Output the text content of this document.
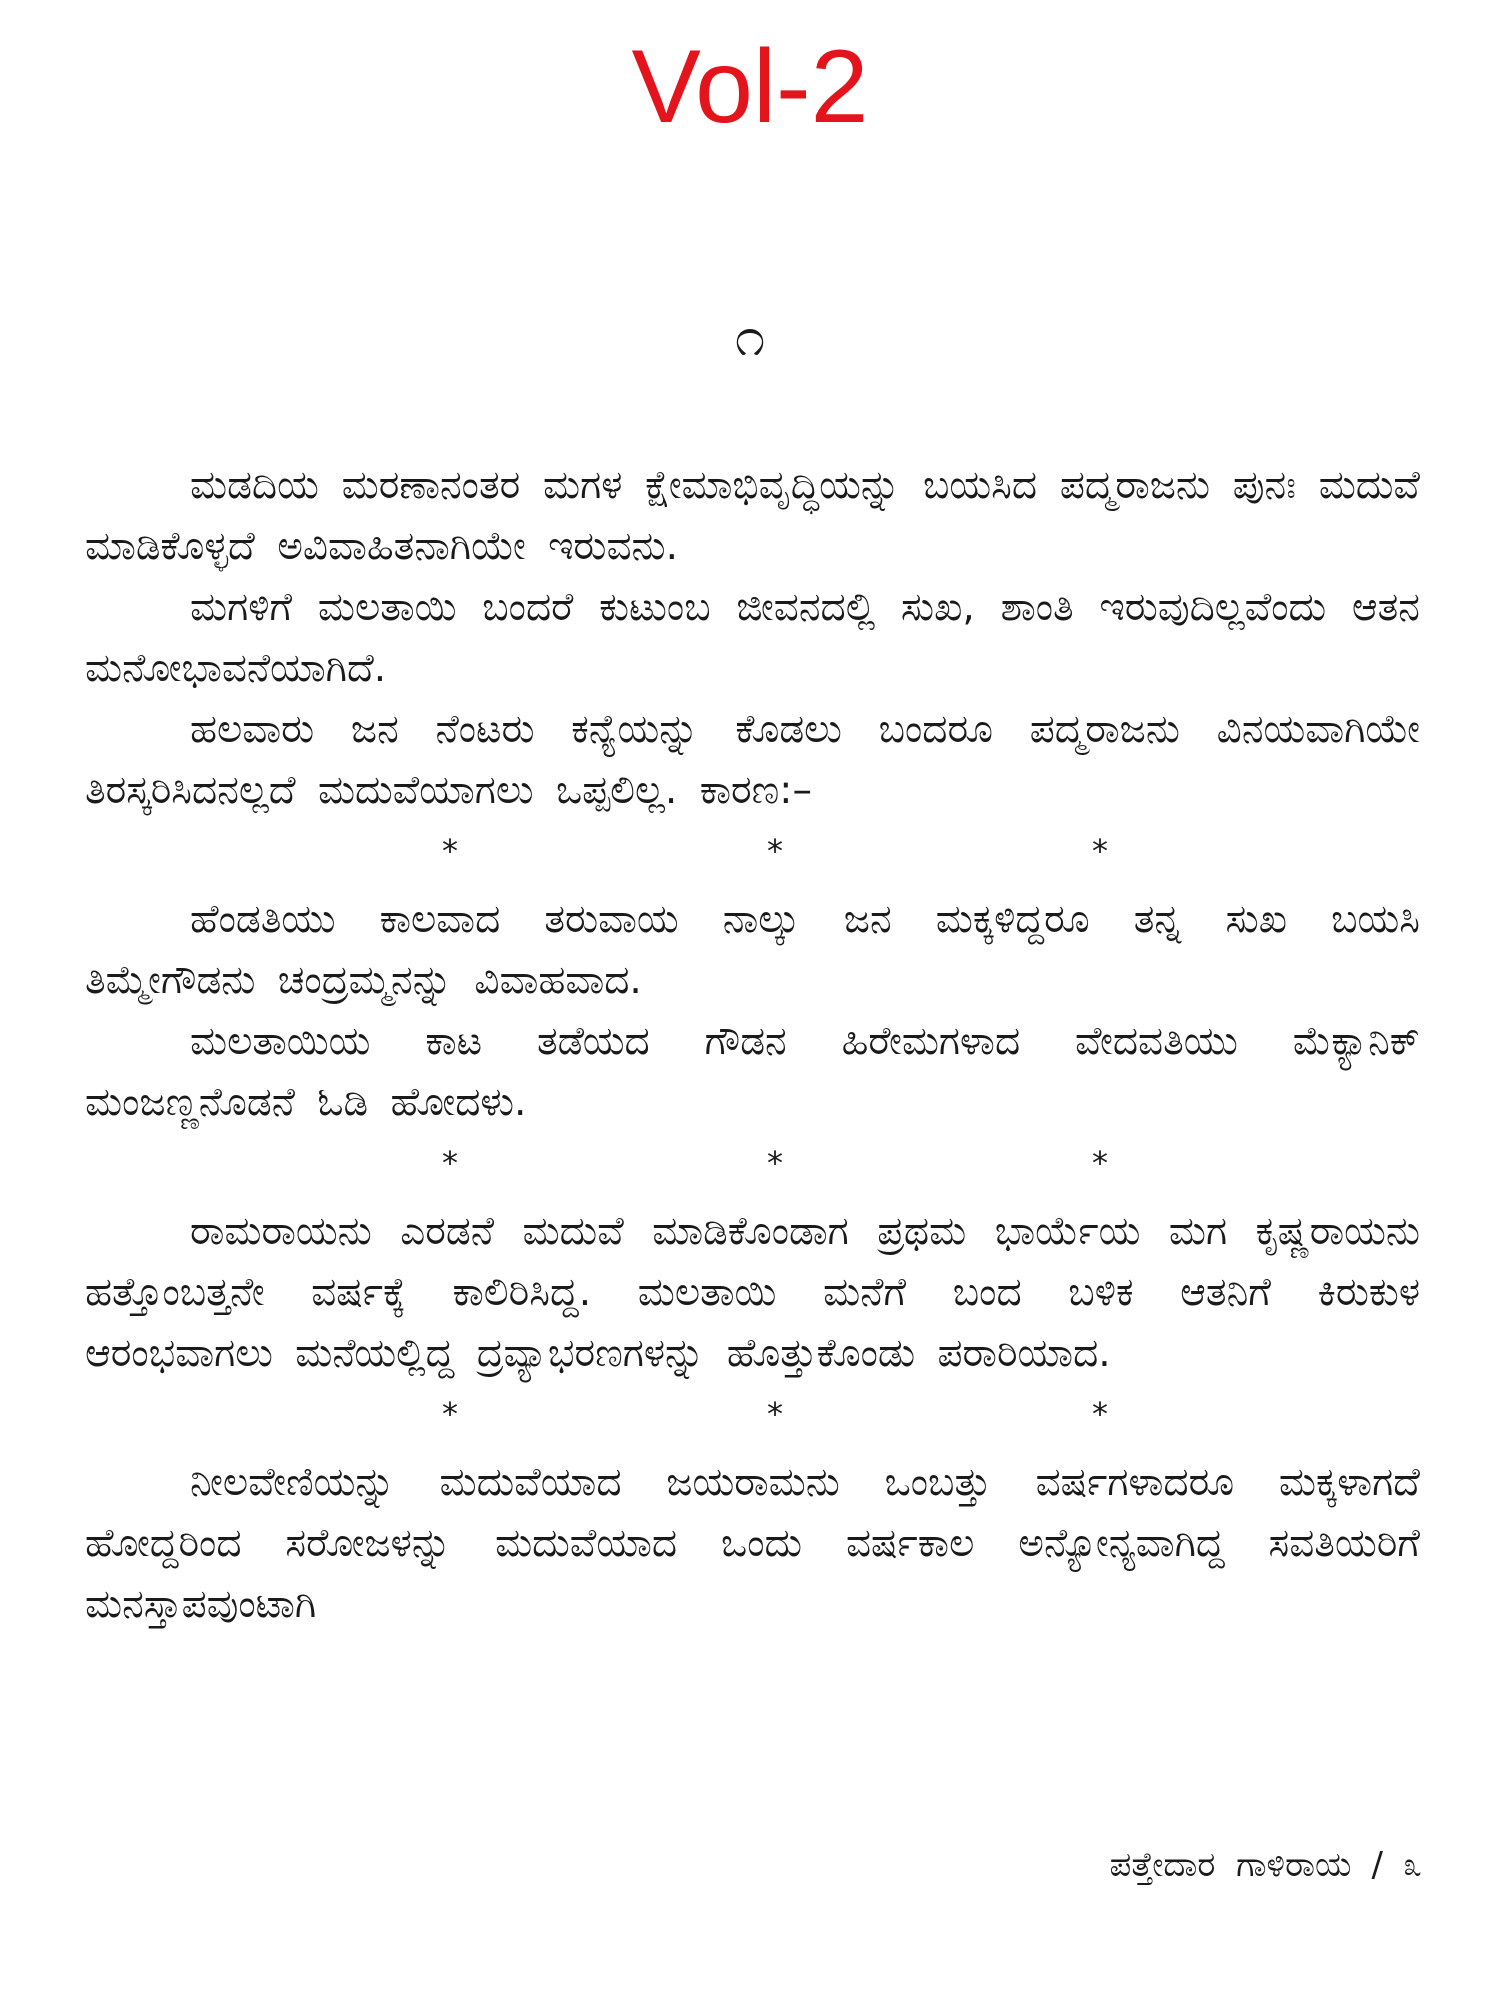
Vol-2
೧

ಮಡದಿಯ ಮರಣಾನಂತರ ಮಗಳ ಕ್ಷೇಮಾಭಿವೃದ್ಧಿಯನ್ನು ಬಯಸಿದ ಪದ್ಮರಾಜನು ಪುನಃ ಮದುವೆ ಮಾಡಿಕೊಳ್ಳದೆ ಅವಿವಾಹಿತನಾಗಿಯೇ ಇರುವನು.

ಮಗಳಿಗೆ ಮಲತಾಯಿ ಬಂದರೆ ಕುಟುಂಬ ಜೀವನದಲ್ಲಿ ಸುಖ, ಶಾಂತಿ ಇರುವುದಿಲ್ಲವೆಂದು ಆತನ ಮನೋಭಾವನೆಯಾಗಿದೆ.

ಹಲವಾರು ಜನ ನೆಂಟರು ಕನ್ಯೆಯನ್ನು ಕೊಡಲು ಬಂದರೂ ಪದ್ಮರಾಜನು ವಿನಯವಾಗಿಯೇ ತಿರಸ್ಕರಿಸಿದನಲ್ಲದೆ ಮದುವೆಯಾಗಲು ಒಪ್ಪಲಿಲ್ಲ. ಕಾರಣ:–

*	*	*

ಹೆಂಡತಿಯು ಕಾಲವಾದ ತರುವಾಯ ನಾಲ್ಕು ಜನ ಮಕ್ಕಳಿದ್ದರೂ ತನ್ನ ಸುಖ ಬಯಸಿ ತಿಮ್ಮೇಗೌಡನು ಚಂದ್ರಮ್ಮನನ್ನು ವಿವಾಹವಾದ.

ಮಲತಾಯಿಯ ಕಾಟ ತಡೆಯದ ಗೌಡನ ಹಿರೇಮಗಳಾದ ವೇದವತಿಯು ಮೆಕ್ಯಾನಿಕ್ ಮಂಜಣ್ಣನೊಡನೆ ಓಡಿ ಹೋದಳು.

*	*	*

ರಾಮರಾಯನು ಎರಡನೆ ಮದುವೆ ಮಾಡಿಕೊಂಡಾಗ ಪ್ರಥಮ ಭಾರ್ಯೆಯ ಮಗ ಕೃಷ್ಣರಾಯನು ಹತ್ತೊಂಬತ್ತನೇ ವರ್ಷಕ್ಕೆ ಕಾಲಿರಿಸಿದ್ದ. ಮಲತಾಯಿ ಮನೆಗೆ ಬಂದ ಬಳಿಕ ಆತನಿಗೆ ಕಿರುಕುಳ ಆರಂಭವಾಗಲು ಮನೆಯಲ್ಲಿದ್ದ ದ್ರವ್ಯಾಭರಣಗಳನ್ನು ಹೊತ್ತುಕೊಂಡು ಪರಾರಿಯಾದ.

*	*	*

ನೀಲವೇಣಿಯನ್ನು ಮದುವೆಯಾದ ಜಯರಾಮನು ಒಂಬತ್ತು ವರ್ಷಗಳಾದರೂ ಮಕ್ಕಳಾಗದೆ ಹೋದ್ದರಿಂದ ಸರೋಜಳನ್ನು ಮದುವೆಯಾದ ಒಂದು ವರ್ಷಕಾಲ ಅನ್ಯೋನ್ಯವಾಗಿದ್ದ ಸವತಿಯರಿಗೆ ಮನಸ್ತಾಪವುಂಟಾಗಿ

ಪತ್ತೇದಾರ ಗಾಳಿರಾಯ / ೩
